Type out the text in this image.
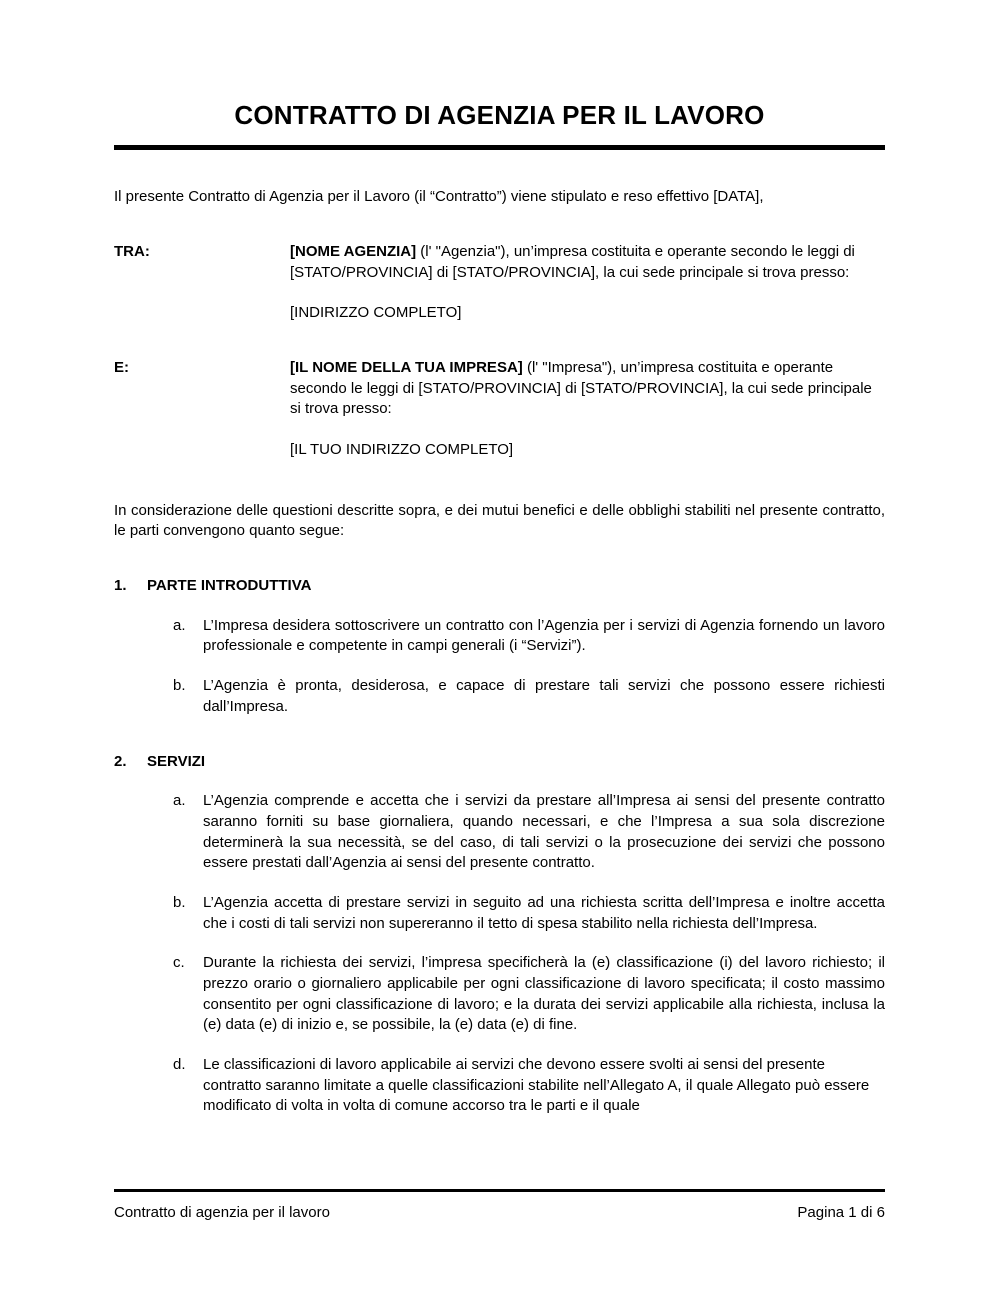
CONTRATTO DI AGENZIA PER IL LAVORO

Il presente Contratto di Agenzia per il Lavoro (il “Contratto”) viene stipulato e reso effettivo [DATA],

TRA:	[NOME AGENZIA] (l' "Agenzia"), un’impresa costituita e operante secondo le leggi di [STATO/PROVINCIA] di [STATO/PROVINCIA], la cui sede principale si trova presso:

[INDIRIZZO COMPLETO]

E:	[IL NOME DELLA TUA IMPRESA] (l' "Impresa"), un’impresa costituita e operante secondo le leggi di [STATO/PROVINCIA] di [STATO/PROVINCIA], la cui sede principale si trova presso:

[IL TUO INDIRIZZO COMPLETO]

In considerazione delle questioni descritte sopra, e dei mutui benefici e delle obblighi stabiliti nel presente contratto, le parti convengono quanto segue:

1.	PARTE INTRODUTTIVA
a.	L’Impresa desidera sottoscrivere un contratto con l’Agenzia per i servizi di Agenzia fornendo un lavoro professionale e competente in campi generali (i “Servizi”).
b.	L’Agenzia è pronta, desiderosa, e capace di prestare tali servizi che possono essere richiesti dall’Impresa.
2.	SERVIZI
a.	L’Agenzia comprende e accetta che i servizi da prestare all’Impresa ai sensi del presente contratto saranno forniti su base giornaliera, quando necessari, e che l’Impresa a sua sola discrezione determinerà la sua necessità, se del caso, di tali servizi o la prosecuzione dei servizi che possono essere prestati dall’Agenzia ai sensi del presente contratto.
b.	L’Agenzia accetta di prestare servizi in seguito ad una richiesta scritta dell’Impresa e inoltre accetta che i costi di tali servizi non supereranno il tetto di spesa stabilito nella richiesta dell’Impresa.
c.	Durante la richiesta dei servizi, l’impresa specificherà la (e) classificazione (i) del lavoro richiesto; il prezzo orario o giornaliero applicabile per ogni classificazione di lavoro specificata; il costo massimo consentito per ogni classificazione di lavoro; e la durata dei servizi applicabile alla richiesta, inclusa la (e) data (e) di inizio e, se possibile, la (e) data (e) di fine.
d.	Le classificazioni di lavoro applicabile ai servizi che devono essere svolti ai sensi del presente contratto saranno limitate a quelle classificazioni stabilite nell’Allegato A, il quale Allegato può essere modificato di volta in volta di comune accorso tra le parti e il quale
Contratto di agenzia per il lavoro	Pagina 1 di 6
